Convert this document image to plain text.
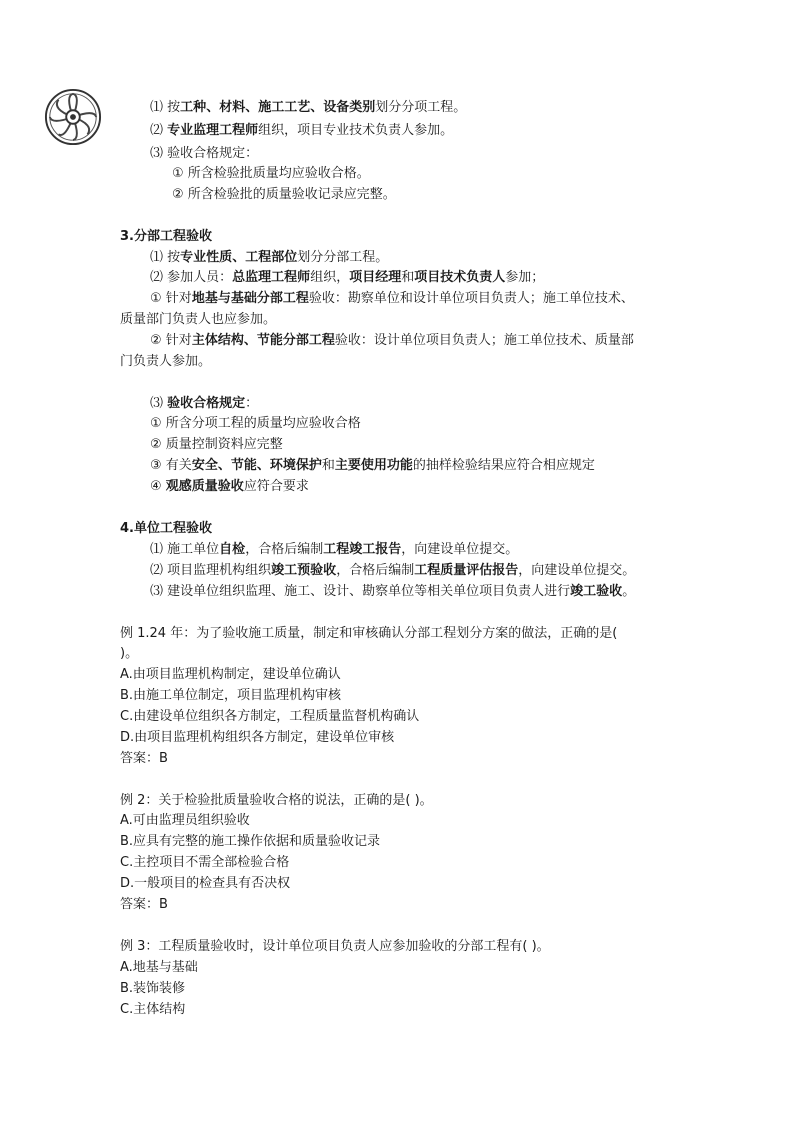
⑴ 按工种、材料、施工工艺、设备类别划分分项工程。
⑵ 专业监理工程师组织，项目专业技术负责人参加。
⑶ 验收合格规定：
① 所含检验批质量均应验收合格。
② 所含检验批的质量验收记录应完整。
3.分部工程验收
⑴ 按专业性质、工程部位划分分部工程。
⑵ 参加人员：总监理工程师组织，项目经理和项目技术负责人参加；
① 针对地基与基础分部工程验收：勘察单位和设计单位项目负责人；施工单位技术、
质量部门负责人也应参加。
② 针对主体结构、节能分部工程验收：设计单位项目负责人；施工单位技术、质量部
门负责人参加。
⑶ 验收合格规定：
① 所含分项工程的质量均应验收合格
② 质量控制资料应完整
③ 有关安全、节能、环境保护和主要使用功能的抽样检验结果应符合相应规定
④ 观感质量验收应符合要求
4.单位工程验收
⑴ 施工单位自检，合格后编制工程竣工报告，向建设单位提交。
⑵ 项目监理机构组织竣工预验收，合格后编制工程质量评估报告，向建设单位提交。
⑶ 建设单位组织监理、施工、设计、勘察单位等相关单位项目负责人进行竣工验收。
例 1.24 年：为了验收施工质量，制定和审核确认分部工程划分方案的做法，正确的是(
)。
A.由项目监理机构制定，建设单位确认
B.由施工单位制定，项目监理机构审核
C.由建设单位组织各方制定，工程质量监督机构确认
D.由项目监理机构组织各方制定，建设单位审核
答案：B
例 2：关于检验批质量验收合格的说法，正确的是( )。
A.可由监理员组织验收
B.应具有完整的施工操作依据和质量验收记录
C.主控项目不需全部检验合格
D.一般项目的检查具有否决权
答案：B
例 3：工程质量验收时，设计单位项目负责人应参加验收的分部工程有( )。
A.地基与基础
B.装饰装修
C.主体结构
